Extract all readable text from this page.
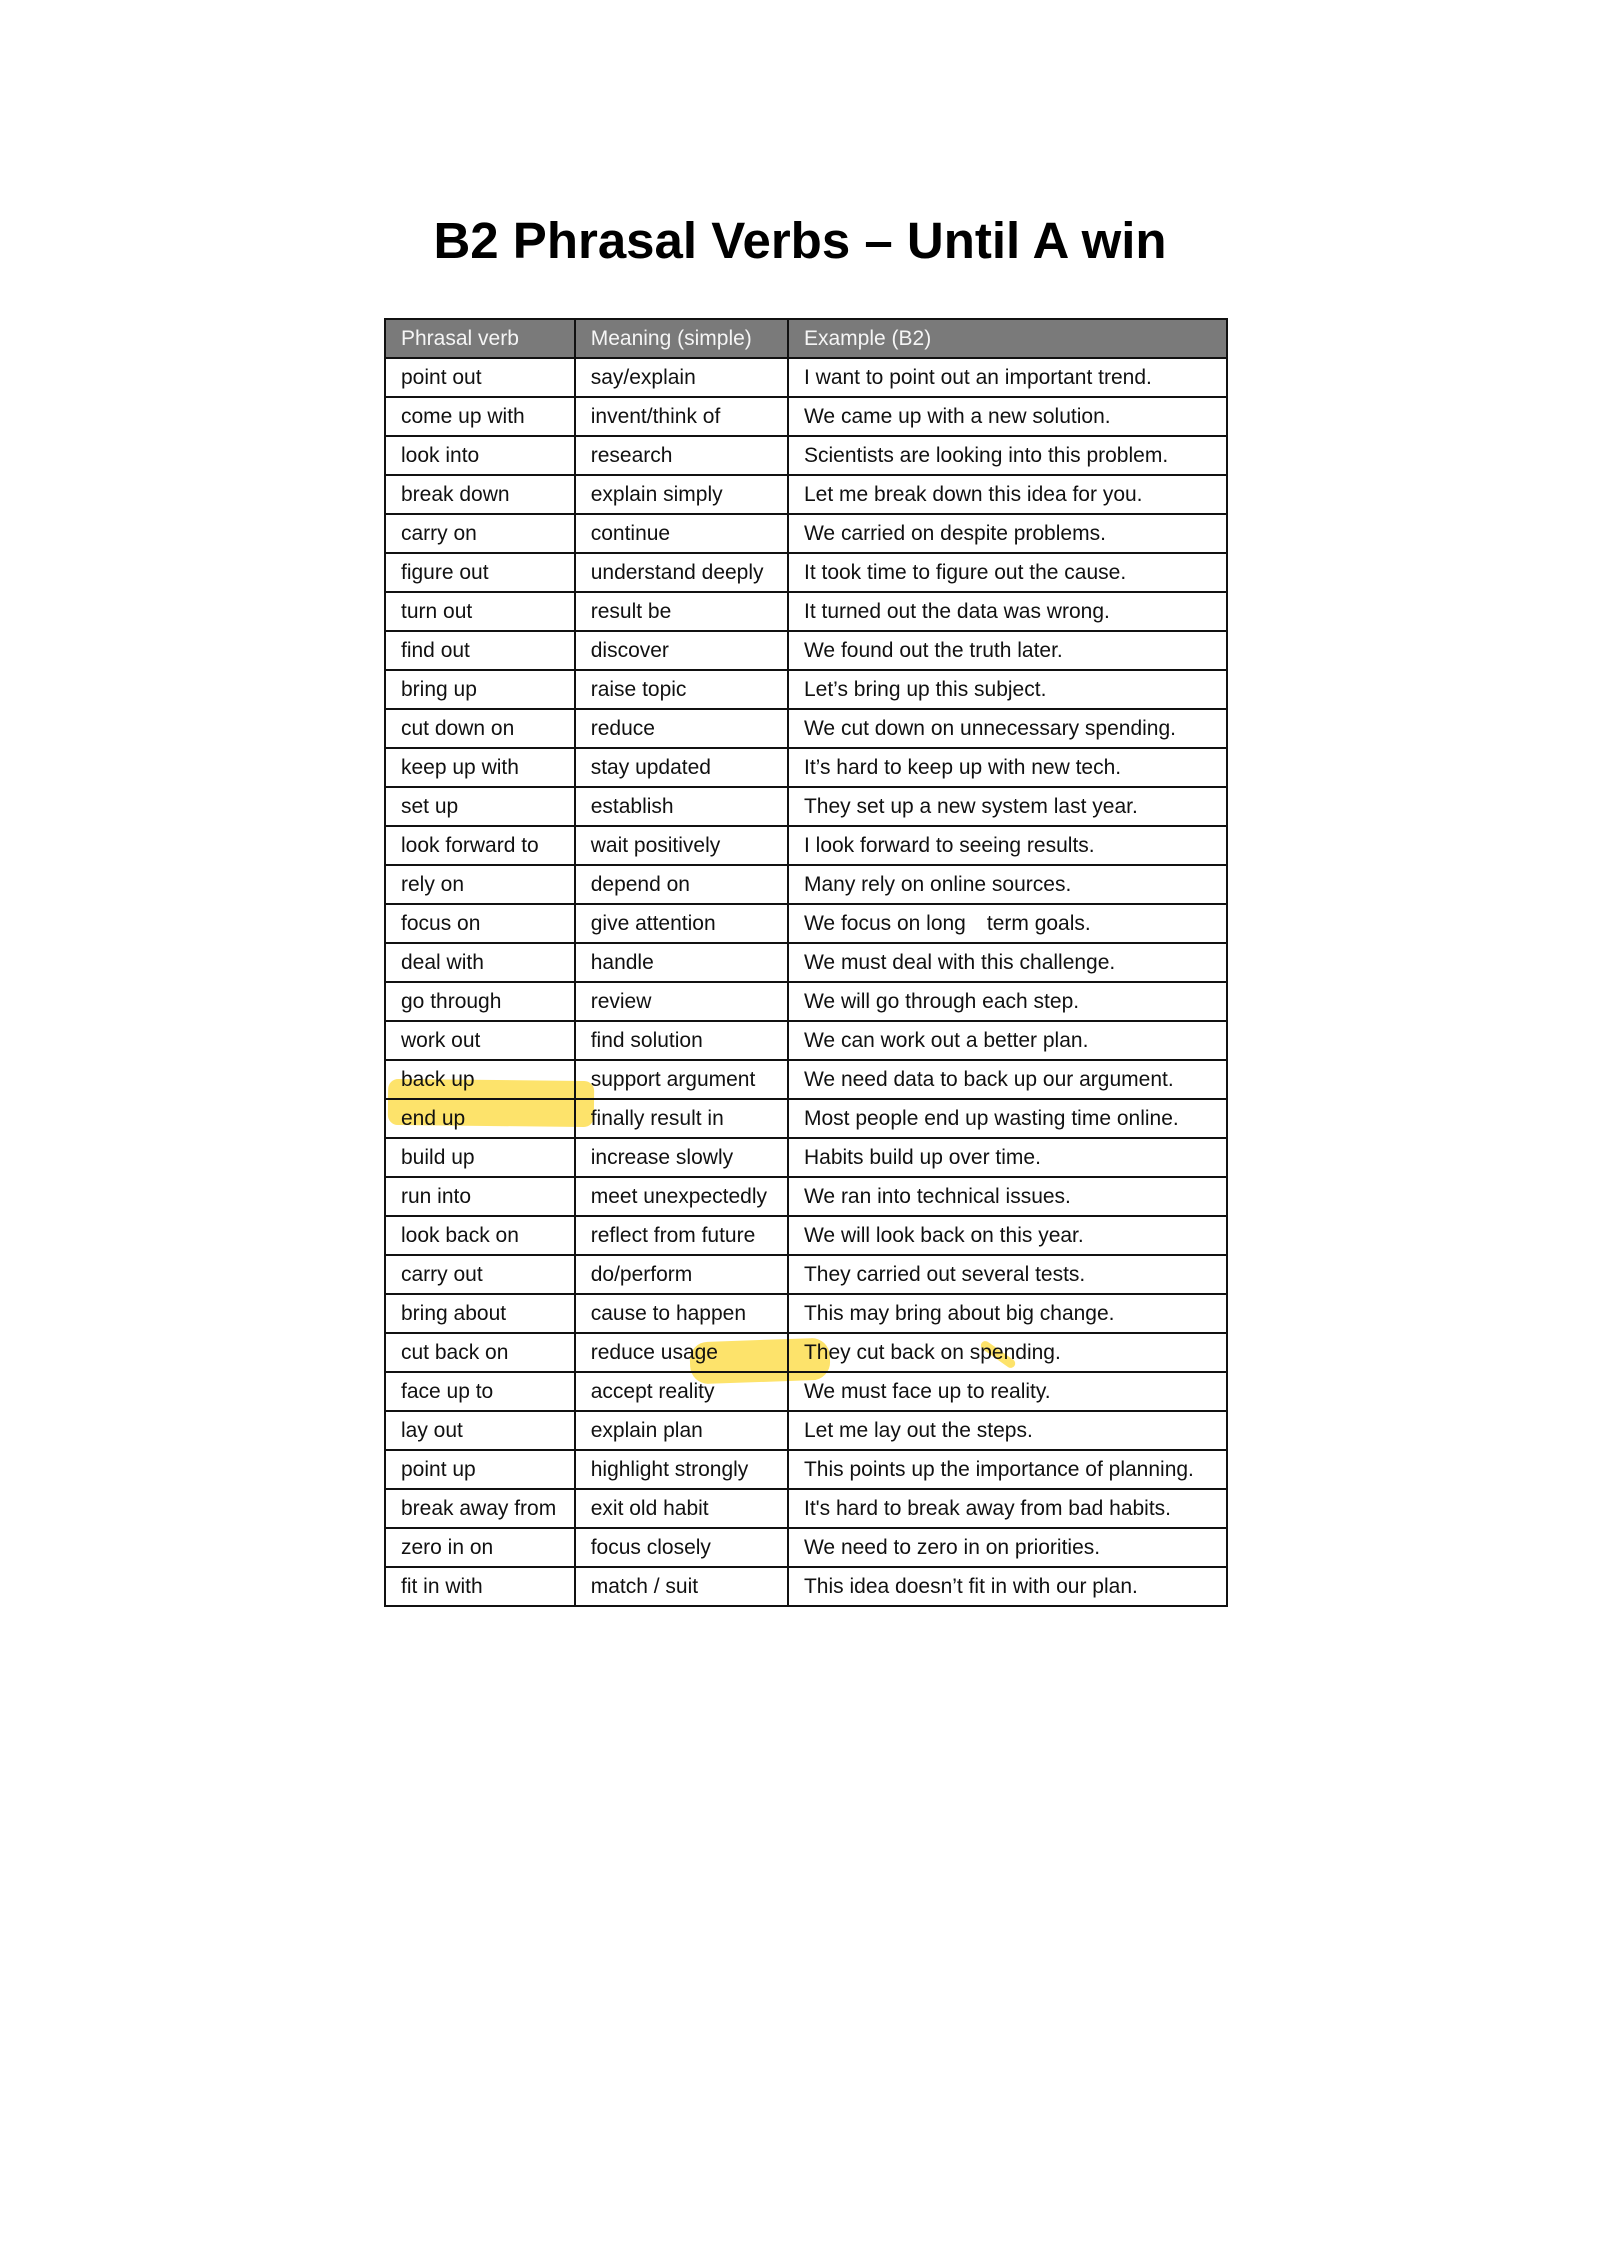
B2 Phrasal Verbs – Until A win
Phrasal verb	Meaning (simple)	Example (B2)
point out	say/explain	I want to point out an important trend.
come up with	invent/think of	We came up with a new solution.
look into	research	Scientists are looking into this problem.
break down	explain simply	Let me break down this idea for you.
carry on	continue	We carried on despite problems.
figure out	understand deeply	It took time to figure out the cause.
turn out	result be	It turned out the data was wrong.
find out	discover	We found out the truth later.
bring up	raise topic	Let’s bring up this subject.
cut down on	reduce	We cut down on unnecessary spending.
keep up with	stay updated	It’s hard to keep up with new tech.
set up	establish	They set up a new system last year.
look forward to	wait positively	I look forward to seeing results.
rely on	depend on	Many rely on online sources.
focus on	give attention	We focus on long term goals.
deal with	handle	We must deal with this challenge.
go through	review	We will go through each step.
work out	find solution	We can work out a better plan.
back up	support argument	We need data to back up our argument.
end up	finally result in	Most people end up wasting time online.
build up	increase slowly	Habits build up over time.
run into	meet unexpectedly	We ran into technical issues.
look back on	reflect from future	We will look back on this year.
carry out	do/perform	They carried out several tests.
bring about	cause to happen	This may bring about big change.
cut back on	reduce usage	They cut back on spending.
face up to	accept reality	We must face up to reality.
lay out	explain plan	Let me lay out the steps.
point up	highlight strongly	This points up the importance of planning.
break away from	exit old habit	It's hard to break away from bad habits.
zero in on	focus closely	We need to zero in on priorities.
fit in with	match / suit	This idea doesn’t fit in with our plan.
